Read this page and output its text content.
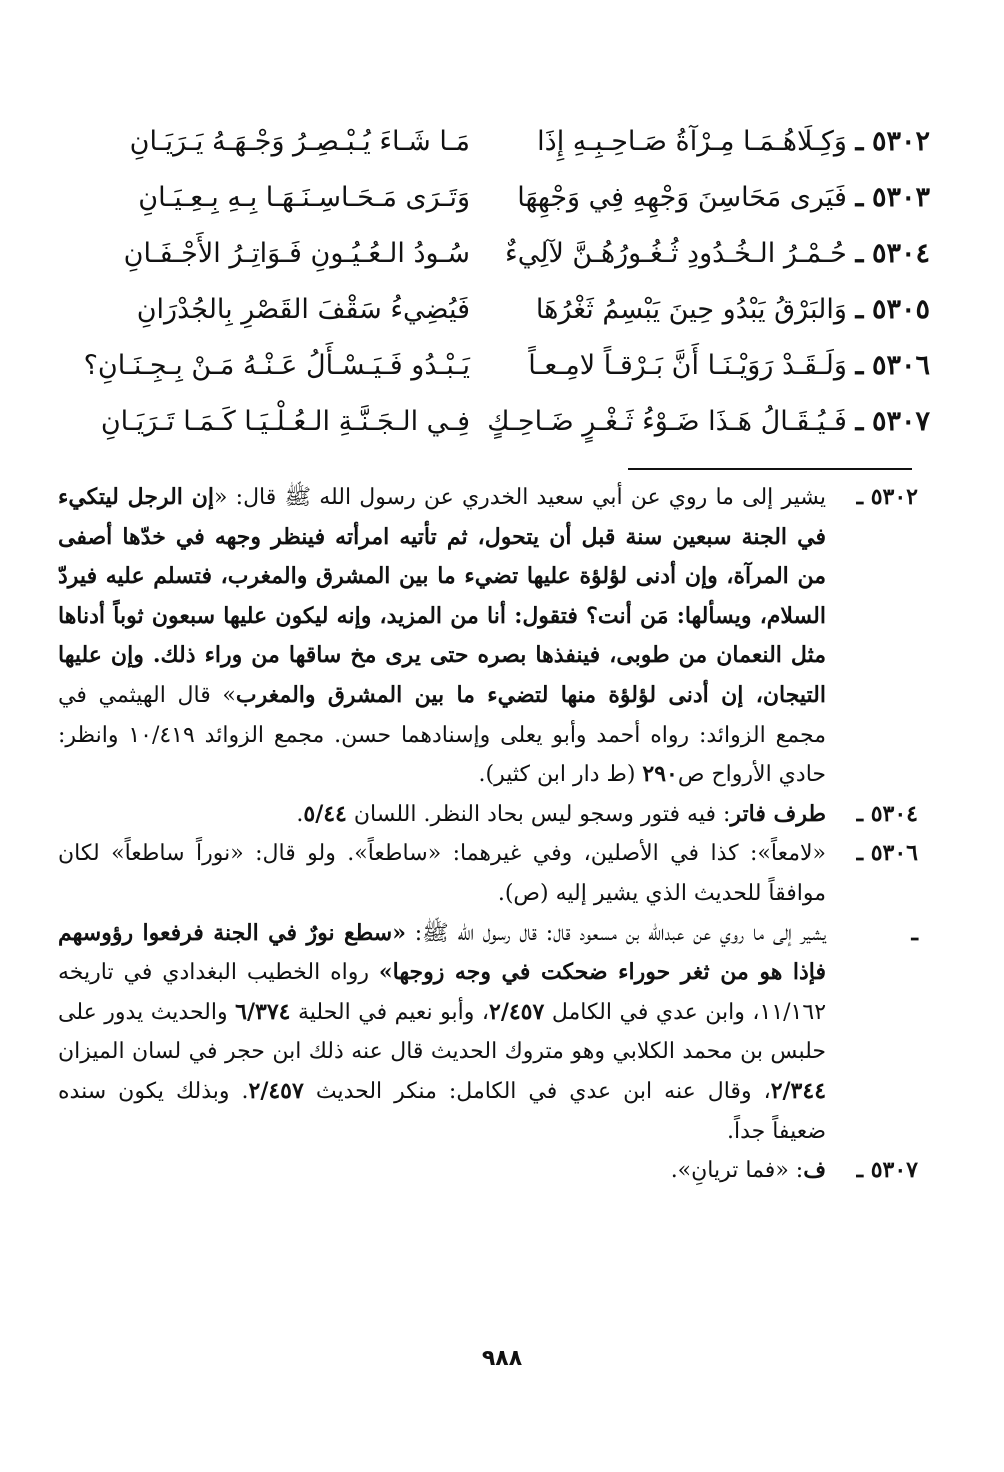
٥٣٠٢ ـ وَكِـلَاهُـمَـا مِـرْآةُ صَـاحِـبِـهِ إِذَا
مَـا شَـاءَ يُـبْـصِـرُ وَجْـهَـهُ يَـرَيَـانِ
٥٣٠٣ ـ فَيَرى مَحَاسِنَ وَجْهِهِ فِي وَجْهِهَا
وَتَـرَى مَـحَـاسِـنَـهَـا بِـهِ بِـعِـيَـانِ
٥٣٠٤ ـ حُـمْـرُ الـخُـدُودِ ثُـغُـورُهُـنَّ لآلِيءٌ
سُـودُ الـعُـيُـونِ فَـوَاتِـرُ الأَجْـفَـانِ
٥٣٠٥ ـ وَالبَرْقُ يَبْدُو حِينَ يَبْسِمُ ثَغْرُهَا
فَيُضِيءُ سَقْفَ القَصْرِ بِالجُدْرَانِ
٥٣٠٦ ـ وَلَـقَـدْ رَوَيْـنَـا أَنَّ بَـرْقـاً لامِـعـاً
يَـبْـدُو فَـيَـسْـأَلُ عَـنْـهُ مَـنْ بِـجِـنَـانِ؟
٥٣٠٧ ـ فَـيُـقَـالُ هَـذَا ضَـوْءُ ثَـغْـرٍ ضَـاحِـكٍ
فِـي الـجَـنَّـةِ الـعُـلْـيَـا كَـمَـا تَـرَيَـانِ
٥٣٠٢ ـ
يشير إلى ما روي عن أبي سعيد الخدري عن رسول الله ﷺ قال: «إن الرجل ليتكيء في الجنة سبعين سنة قبل أن يتحول، ثم تأتيه امرأته فينظر وجهه في خدّها أصفى من المرآة، وإن أدنى لؤلؤة عليها تضيء ما بين المشرق والمغرب، فتسلم عليه فيردّ السلام، ويسألها: مَن أنت؟ فتقول: أنا من المزيد، وإنه ليكون عليها سبعون ثوباً أدناها مثل النعمان من طوبى، فينفذها بصره حتى يرى مخ ساقها من وراء ذلك. وإن عليها التيجان، إن أدنى لؤلؤة منها لتضيء ما بين المشرق والمغرب» قال الهيثمي في مجمع الزوائد: رواه أحمد وأبو يعلى وإسنادهما حسن. مجمع الزوائد ١٠/٤١٩ وانظر: حادي الأرواح ص٢٩٠ (ط دار ابن كثير).
٥٣٠٤ ـ
طرف فاتر: فيه فتور وسجو ليس بحاد النظر. اللسان ٥/٤٤.
٥٣٠٦ ـ
«لامعاً»: كذا في الأصلين، وفي غيرهما: «ساطعاً». ولو قال: «نوراً ساطعاً» لكان موافقاً للحديث الذي يشير إليه (ص).
ـ
يشير إلى ما روي عن عبدالله بن مسعود قال: قال رسول الله ﷺ: «سطع نورٌ في الجنة فرفعوا رؤوسهم فإذا هو من ثغر حوراء ضحكت في وجه زوجها» رواه الخطيب البغدادي في تاريخه ١١/١٦٢، وابن عدي في الكامل ٢/٤٥٧، وأبو نعيم في الحلية ٦/٣٧٤ والحديث يدور على حلبس بن محمد الكلابي وهو متروك الحديث قال عنه ذلك ابن حجر في لسان الميزان ٢/٣٤٤، وقال عنه ابن عدي في الكامل: منكر الحديث ٢/٤٥٧. وبذلك يكون سنده ضعيفاً جداً.
٥٣٠٧ ـ
ف: «فما تريانِ».
٩٨٨
